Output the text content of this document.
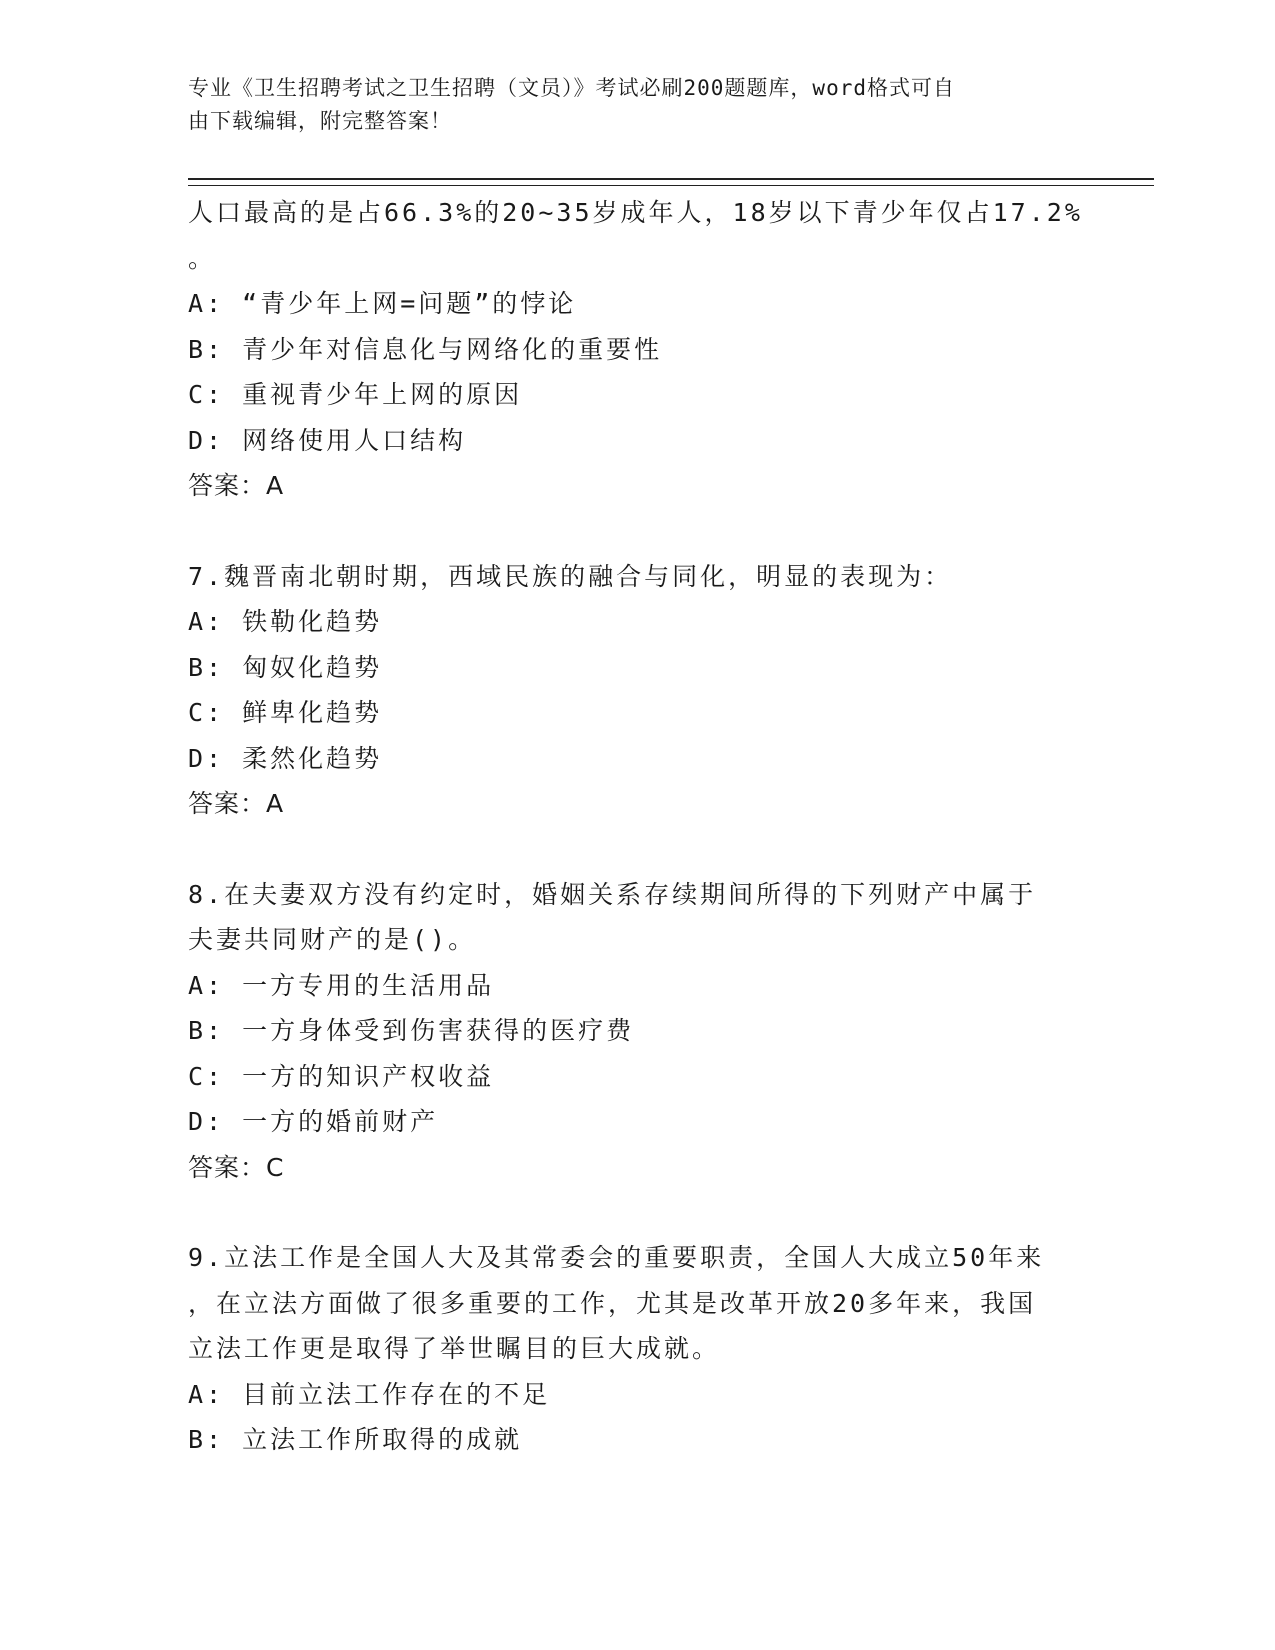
专业《卫生招聘考试之卫生招聘（文员）》考试必刷200题题库，word格式可自
由下载编辑，附完整答案！
人口最高的是占66.3%的20~35岁成年人，18岁以下青少年仅占17.2%
。
A: “青少年上网=问题”的悖论
B: 青少年对信息化与网络化的重要性
C: 重视青少年上网的原因
D: 网络使用人口结构
答案：A
7.魏晋南北朝时期，西域民族的融合与同化，明显的表现为：
A: 铁勒化趋势
B: 匈奴化趋势
C: 鲜卑化趋势
D: 柔然化趋势
答案：A
8.在夫妻双方没有约定时，婚姻关系存续期间所得的下列财产中属于
夫妻共同财产的是()。
A: 一方专用的生活用品
B: 一方身体受到伤害获得的医疗费
C: 一方的知识产权收益
D: 一方的婚前财产
答案：C
9.立法工作是全国人大及其常委会的重要职责，全国人大成立50年来
，在立法方面做了很多重要的工作，尤其是改革开放20多年来，我国
立法工作更是取得了举世瞩目的巨大成就。
A: 目前立法工作存在的不足
B: 立法工作所取得的成就
